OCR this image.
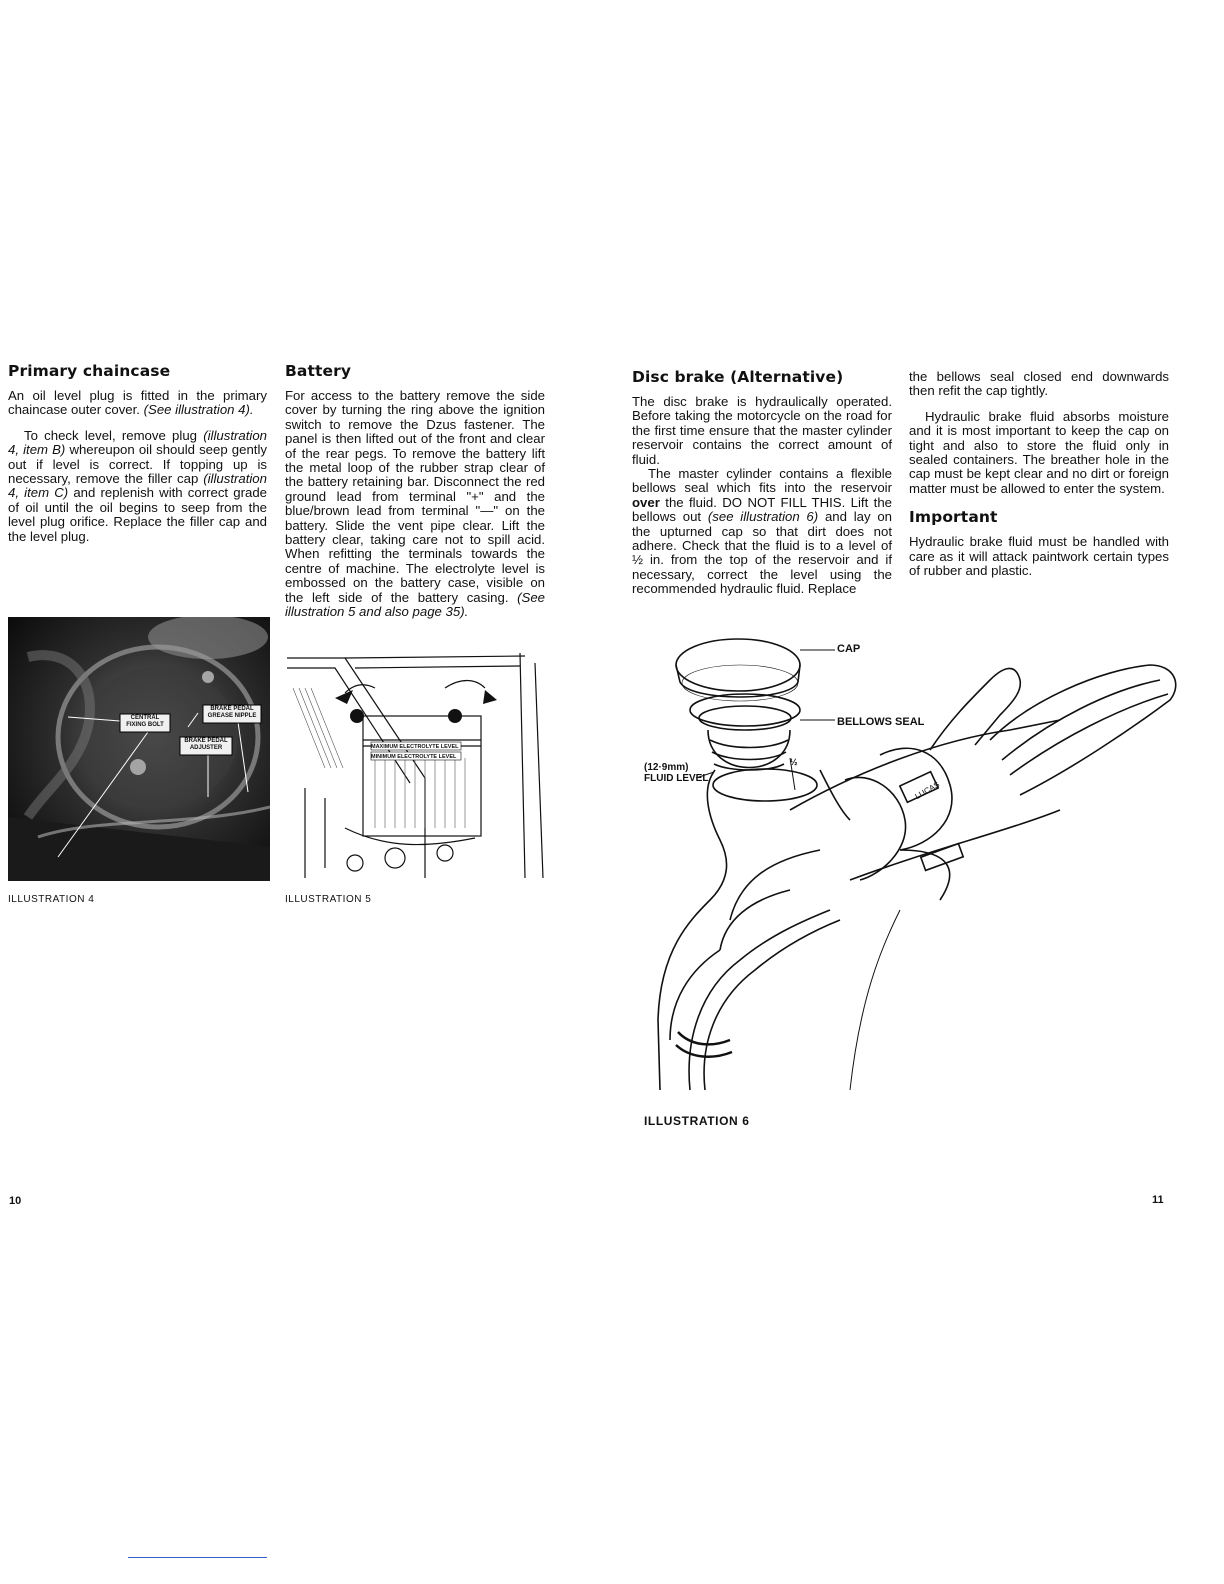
Primary chaincase

An oil level plug is fitted in the primary chaincase outer cover. (See illustration 4).

To check level, remove plug (illustration 4, item B) whereupon oil should seep gently out if level is correct. If topping up is necessary, remove the filler cap (illustration 4, item C) and replenish with correct grade of oil until the oil begins to seep from the level plug orifice. Replace the filler cap and the level plug.

Battery

For access to the battery remove the side cover by turning the ring above the ignition switch to remove the Dzus fastener. The panel is then lifted out of the front and clear of the rear pegs. To remove the battery lift the metal loop of the rubber strap clear of the battery retaining bar. Disconnect the red ground lead from terminal "+" and the blue/brown lead from terminal "—" on the battery. Slide the vent pipe clear. Lift the battery clear, taking care not to spill acid. When refitting the terminals towards the centre of machine. The electrolyte level is embossed on the battery case, visible on the left side of the battery casing. (See illustration 5 and also page 35).

CENTRAL FIXING BOLT
BRAKE PEDAL GREASE NIPPLE
BRAKE PEDAL ADJUSTER
ILLUSTRATION 4
MAXIMUM ELECTROLYTE LEVEL
MINIMUM ELECTROLYTE LEVEL
ILLUSTRATION 5
10
Disc brake (Alternative)

The disc brake is hydraulically operated. Before taking the motorcycle on the road for the first time ensure that the master cylinder reservoir contains the correct amount of fluid.

The master cylinder contains a flexible bellows seal which fits into the reservoir over the fluid. DO NOT FILL THIS. Lift the bellows out (see illustration 6) and lay on the upturned cap so that dirt does not adhere. Check that the fluid is to a level of ½ in. from the top of the reservoir and if necessary, correct the level using the recommended hydraulic fluid. Replace

the bellows seal closed end downwards then refit the cap tightly.

Hydraulic brake fluid absorbs moisture and it is most important to keep the cap on tight and also to store the fluid only in sealed containers. The breather hole in the cap must be kept clear and no dirt or foreign matter must be allowed to enter the system.

Important

Hydraulic brake fluid must be handled with care as it will attack paintwork certain types of rubber and plastic.

CAP
BELLOWS SEAL
(12·9mm)
FLUID LEVEL
½
LUCAS
ILLUSTRATION 6
11
